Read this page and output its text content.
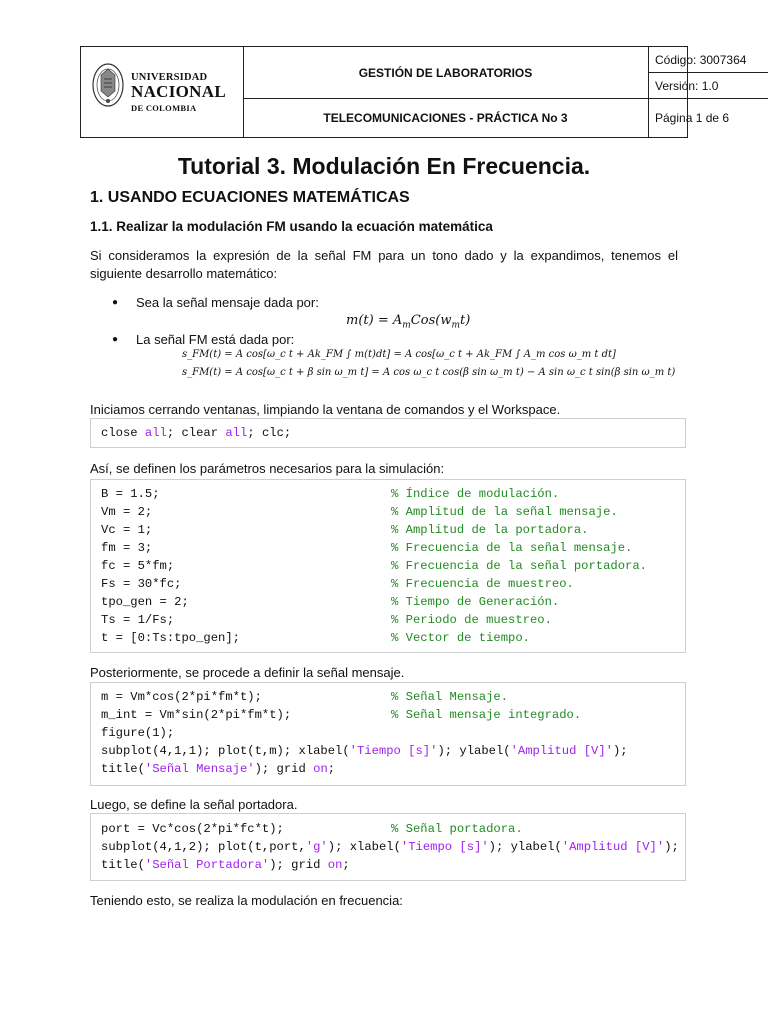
UNIVERSIDAD
NACIONAL
DE COLOMBIA
GESTIÓN DE LABORATORIOS
TELECOMUNICACIONES - PRÁCTICA No 3
Código: 3007364
Versión: 1.0
Página 1 de 6
Tutorial 3. Modulación En Frecuencia.
1. USANDO ECUACIONES MATEMÁTICAS
1.1. Realizar la modulación FM usando la ecuación matemática
Si consideramos la expresión de la señal FM para un tono dado y la expandimos, tenemos el siguiente desarrollo matemático:
● Sea la señal mensaje dada por:
$m(t) = A_mCos(w_mt)$
● La señal FM está dada por:
s_FM(t) = A cos[ω_c t + Ak_FM ∫ m(t)dt] = A cos[ω_c t + Ak_FM ∫ A_m cos ω_m t dt]
s_FM(t) = A cos[ω_c t + β sin ω_m t] = A cos ω_c t cos(β sin ω_m t) − A sin ω_c t sin(β sin ω_m t)
Iniciamos cerrando ventanas, limpiando la ventana de comandos y el Workspace.
close all; clear all; clc;
Así, se definen los parámetros necesarios para la simulación:
B = 1.5;	% Índice de modulación.
Vm = 2;	% Amplitud de la señal mensaje.
Vc = 1;	% Amplitud de la portadora.
fm = 3;	% Frecuencia de la señal mensaje.
fc = 5*fm;	% Frecuencia de la señal portadora.
Fs = 30*fc;	% Frecuencia de muestreo.
tpo_gen = 2;	% Tiempo de Generación.
Ts = 1/Fs;	% Periodo de muestreo.
t = [0:Ts:tpo_gen];	% Vector de tiempo.
Posteriormente, se procede a definir la señal mensaje.
m = Vm*cos(2*pi*fm*t);	% Señal Mensaje.
m_int = Vm*sin(2*pi*fm*t);	% Señal mensaje integrado.
figure(1);
subplot(4,1,1); plot(t,m); xlabel('Tiempo [s]'); ylabel('Amplitud [V]');
title('Señal Mensaje'); grid on;
Luego, se define la señal portadora.
port = Vc*cos(2*pi*fc*t);	% Señal portadora.
subplot(4,1,2); plot(t,port,'g'); xlabel('Tiempo [s]'); ylabel('Amplitud [V]');
title('Señal Portadora'); grid on;
Teniendo esto, se realiza la modulación en frecuencia:
